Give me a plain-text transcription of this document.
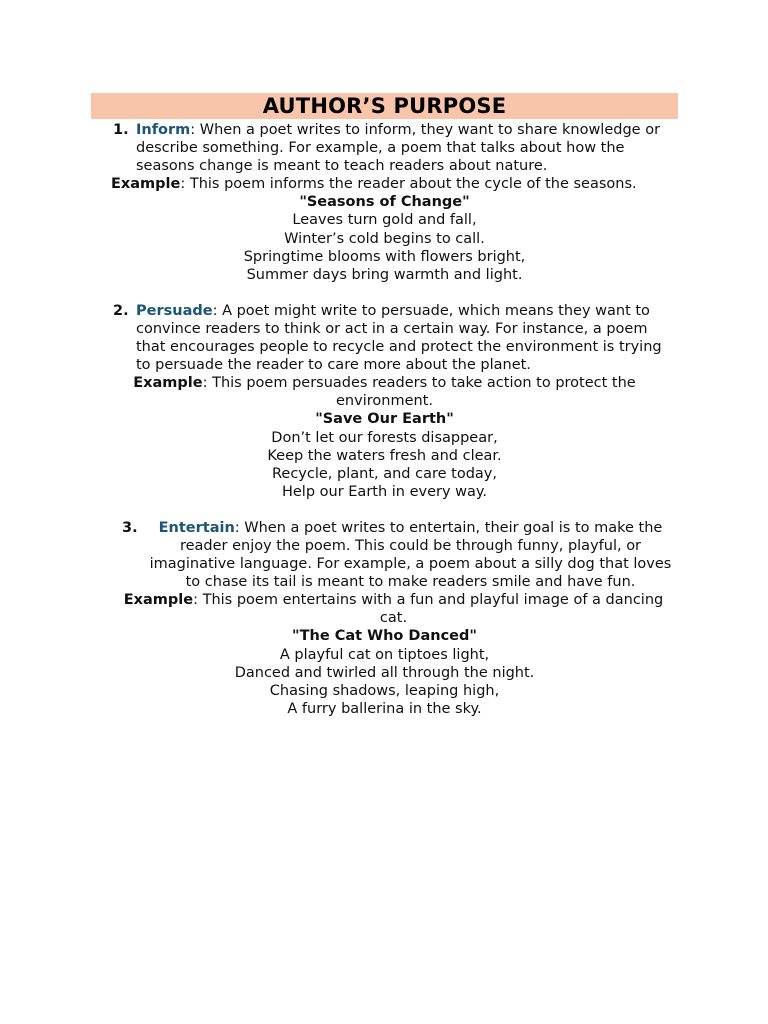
AUTHOR’S PURPOSE

1. Inform: When a poet writes to inform, they want to share knowledge or describe something. For example, a poem that talks about how the seasons change is meant to teach readers about nature.

Example: This poem informs the reader about the cycle of the seasons.

"Seasons of Change"
Leaves turn gold and fall,
Winter’s cold begins to call.
Springtime blooms with flowers bright,
Summer days bring warmth and light.

2. Persuade: A poet might write to persuade, which means they want to convince readers to think or act in a certain way. For instance, a poem that encourages people to recycle and protect the environment is trying to persuade the reader to care more about the planet.

Example: This poem persuades readers to take action to protect the environment.

"Save Our Earth"
Don’t let our forests disappear,
Keep the waters fresh and clear.
Recycle, plant, and care today,
Help our Earth in every way.

3. Entertain: When a poet writes to entertain, their goal is to make the reader enjoy the poem. This could be through funny, playful, or imaginative language. For example, a poem about a silly dog that loves to chase its tail is meant to make readers smile and have fun.

Example: This poem entertains with a fun and playful image of a dancing cat.

"The Cat Who Danced"
A playful cat on tiptoes light,
Danced and twirled all through the night.
Chasing shadows, leaping high,
A furry ballerina in the sky.
